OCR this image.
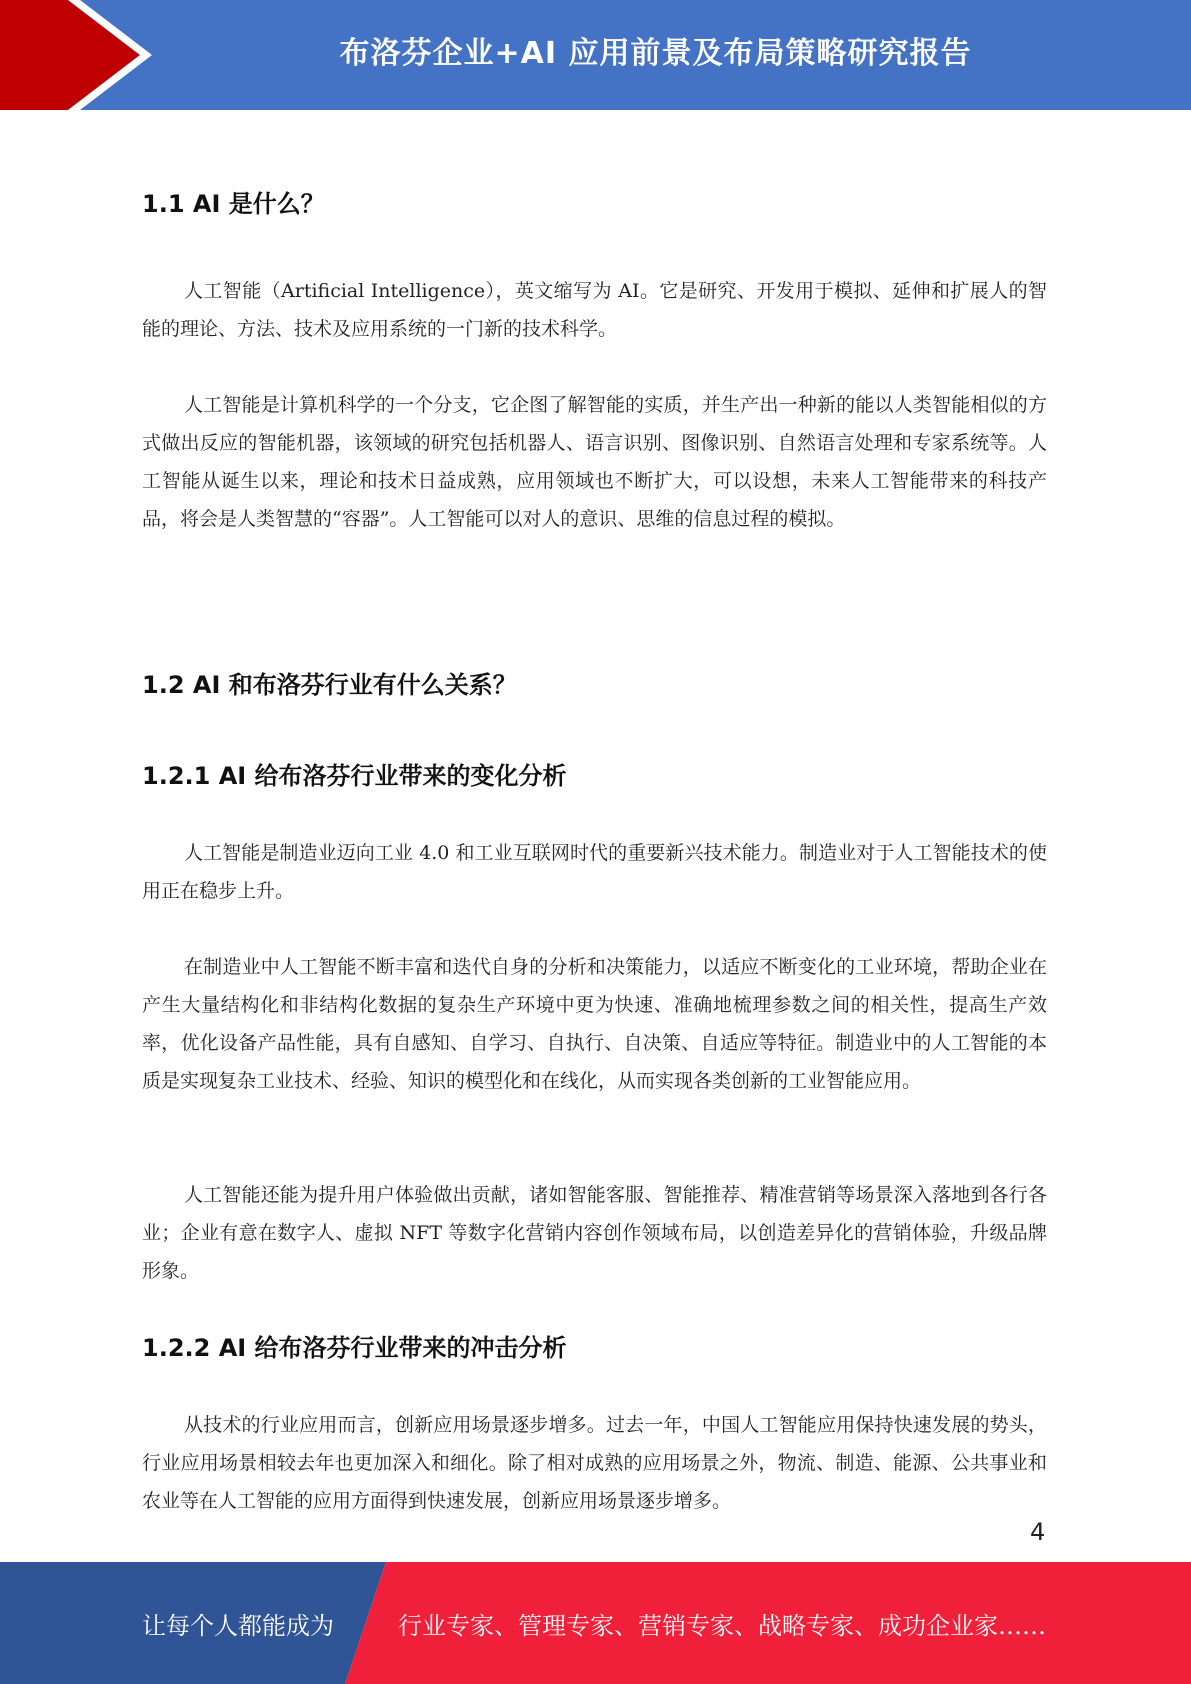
布洛芬企业+AI 应用前景及布局策略研究报告
1.1 AI 是什么？

人工智能（Artificial Intelligence），英文缩写为 AI。它是研究、开发用于模拟、延伸和扩展人的智能的理论、方法、技术及应用系统的一门新的技术科学。

人工智能是计算机科学的一个分支，它企图了解智能的实质，并生产出一种新的能以人类智能相似的方式做出反应的智能机器，该领域的研究包括机器人、语言识别、图像识别、自然语言处理和专家系统等。人工智能从诞生以来，理论和技术日益成熟，应用领域也不断扩大，可以设想，未来人工智能带来的科技产品，将会是人类智慧的“容器”。人工智能可以对人的意识、思维的信息过程的模拟。

1.2 AI 和布洛芬行业有什么关系？
1.2.1 AI 给布洛芬行业带来的变化分析

人工智能是制造业迈向工业 4.0 和工业互联网时代的重要新兴技术能力。制造业对于人工智能技术的使用正在稳步上升。

在制造业中人工智能不断丰富和迭代自身的分析和决策能力，以适应不断变化的工业环境，帮助企业在产生大量结构化和非结构化数据的复杂生产环境中更为快速、准确地梳理参数之间的相关性，提高生产效率，优化设备产品性能，具有自感知、自学习、自执行、自决策、自适应等特征。制造业中的人工智能的本质是实现复杂工业技术、经验、知识的模型化和在线化，从而实现各类创新的工业智能应用。

人工智能还能为提升用户体验做出贡献，诸如智能客服、智能推荐、精准营销等场景深入落地到各行各业；企业有意在数字人、虚拟 NFT 等数字化营销内容创作领域布局，以创造差异化的营销体验，升级品牌形象。

1.2.2 AI 给布洛芬行业带来的冲击分析

从技术的行业应用而言，创新应用场景逐步增多。过去一年，中国人工智能应用保持快速发展的势头，行业应用场景相较去年也更加深入和细化。除了相对成熟的应用场景之外，物流、制造、能源、公共事业和农业等在人工智能的应用方面得到快速发展，创新应用场景逐步增多。

4
让每个人都能成为	行业专家、管理专家、营销专家、战略专家、成功企业家……
